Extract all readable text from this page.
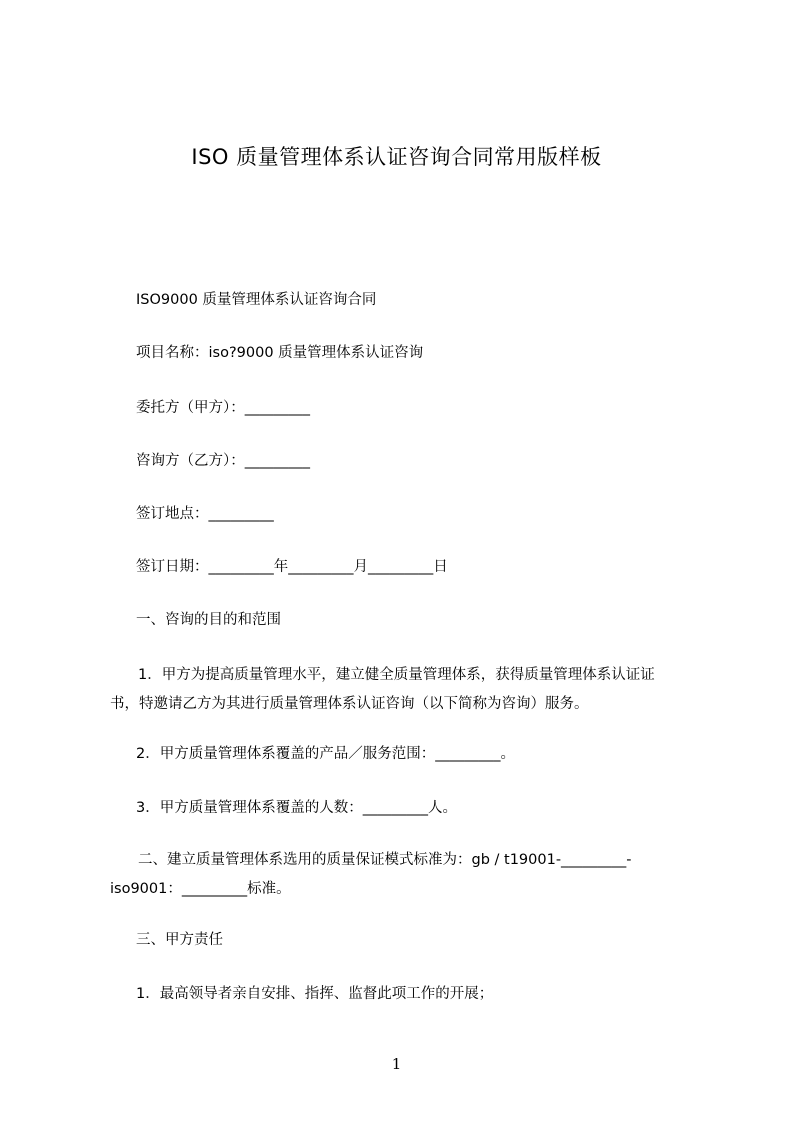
ISO 质量管理体系认证咨询合同常用版样板
ISO9000 质量管理体系认证咨询合同
项目名称：iso?9000 质量管理体系认证咨询
委托方（甲方）：_________
咨询方（乙方）：_________
签订地点：_________
签订日期：_________年_________月_________日
一、咨询的目的和范围
1．甲方为提高质量管理水平，建立健全质量管理体系，获得质量管理体系认证证
书，特邀请乙方为其进行质量管理体系认证咨询（以下简称为咨询）服务。
2．甲方质量管理体系覆盖的产品／服务范围：_________。
3．甲方质量管理体系覆盖的人数：_________人。
二、建立质量管理体系选用的质量保证模式标准为：gb / t19001-_________-
iso9001：_________标准。
三、甲方责任
1．最高领导者亲自安排、指挥、监督此项工作的开展；
1
